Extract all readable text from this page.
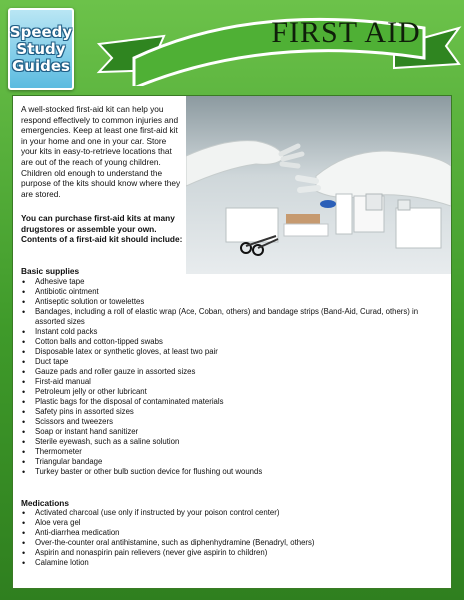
Speedy
Study
Guides
FIRST AID
A well-stocked first-aid kit can help you respond effectively to common injuries and emergencies. Keep at least one first-aid kit in your home and one in your car. Store your kits in easy-to-retrieve locations that are out of the reach of young children. Children old enough to understand the purpose of the kits should know where they are stored.
You can purchase first-aid kits at many drugstores or assemble your own. Contents of a first-aid kit should include:
Basic supplies
• Adhesive tape
• Antibiotic ointment
• Antiseptic solution or towelettes
• Bandages, including a roll of elastic wrap (Ace, Coban, others) and bandage strips (Band-Aid, Curad, others) in assorted sizes
• Instant cold packs
• Cotton balls and cotton-tipped swabs
• Disposable latex or synthetic gloves, at least two pair
• Duct tape
• Gauze pads and roller gauze in assorted sizes
• First-aid manual
• Petroleum jelly or other lubricant
• Plastic bags for the disposal of contaminated materials
• Safety pins in assorted sizes
• Scissors and tweezers
• Soap or instant hand sanitizer
• Sterile eyewash, such as a saline solution
• Thermometer
• Triangular bandage
• Turkey baster or other bulb suction device for flushing out wounds
Medications
• Activated charcoal (use only if instructed by your poison control center)
• Aloe vera gel
• Anti-diarrhea medication
• Over-the-counter oral antihistamine, such as diphenhydramine (Benadryl, others)
• Aspirin and nonaspirin pain relievers (never give aspirin to children)
• Calamine lotion
